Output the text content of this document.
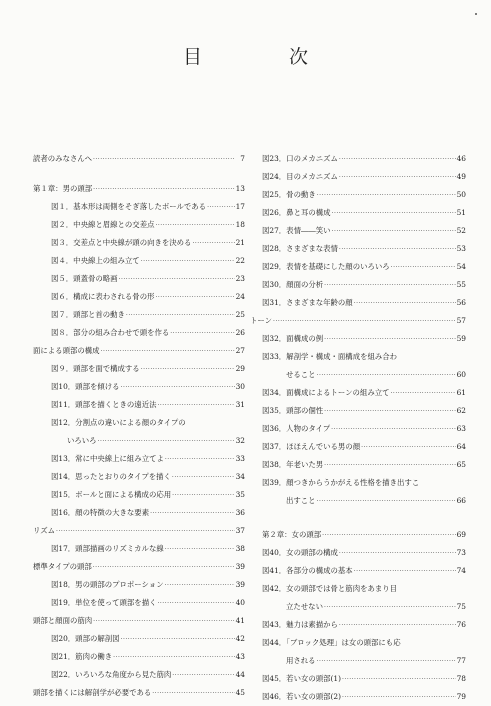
目　次
読者のみなさんへ ·····	7
第１章：男の頭部 ·····	13
図１．基本形は両側をそぎ落したボールである ·····	17
図２．中央線と眉線との交差点 ·····	18
図３．交差点と中央線が頭の向きを決める ·····	21
図４．中央線上の組み立て ·····	22
図５．頭蓋骨の略画 ·····	23
図６．構成に表わされる骨の形 ·····	24
図７．頭部と首の動き ·····	25
図８．部分の組み合わせで頭を作る ·····	26
面による頭部の構成 ·····	27
図９．頭部を面で構成する ·····	29
図10．頭部を傾ける ·····	30
図11．頭部を描くときの遠近法 ·····	31
図12．分割点の違いによる顔のタイプの
いろいろ ·····	32
図13．常に中央線上に組み立てよ ·····	33
図14．思ったとおりのタイプを描く ·····	34
図15．ボールと面による構成の応用 ·····	35
図16．顔の特徴の大きな要素 ·····	36
リズム ·····	37
図17．頭部描画のリズミカルな線 ·····	38
標準タイプの頭部 ·····	39
図18．男の頭部のプロポーション ·····	39
図19．単位を使って頭部を描く ·····	40
頭部と顔面の筋肉 ·····	41
図20．頭部の解剖図 ·····	42
図21．筋肉の働き ·····	43
図22．いろいろな角度から見た筋肉 ·····	44
頭部を描くには解剖学が必要である ·····	45
図23．口のメカニズム ·····	46
図24．目のメカニズム ·····	49
図25．骨の動き ·····	50
図26．鼻と耳の構成 ·····	51
図27．表情――笑い ·····	52
図28．さまざまな表情 ·····	53
図29．表情を基礎にした顔のいろいろ ·····	54
図30．顔面の分析 ·····	55
図31．さまざまな年齢の顔 ·····	56
トーン ·····	57
図32．面構成の例 ·····	59
図33．解剖学・構成・面構成を組み合わ
せること ·····	60
図34．面構成によるトーンの組み立て ·····	61
図35．頭部の個性 ·····	62
図36．人物のタイプ ·····	63
図37．ほほえんでいる男の顔 ·····	64
図38．年老いた男 ·····	65
図39．顔つきからうかがえる性格を描き出すこ
出すこと ·····	66
第２章：女の頭部 ·····	69
図40．女の頭部の構成 ·····	73
図41．各部分の構成の基本 ·····	74
図42．女の頭部では骨と筋肉をあまり目
立たせない ·····	75
図43．魅力は素描から ·····	76
図44．「ブロック処理」は女の頭部にも応
用される ·····	77
図45．若い女の頭部(1) ·····	78
図46．若い女の頭部(2) ·····	79
